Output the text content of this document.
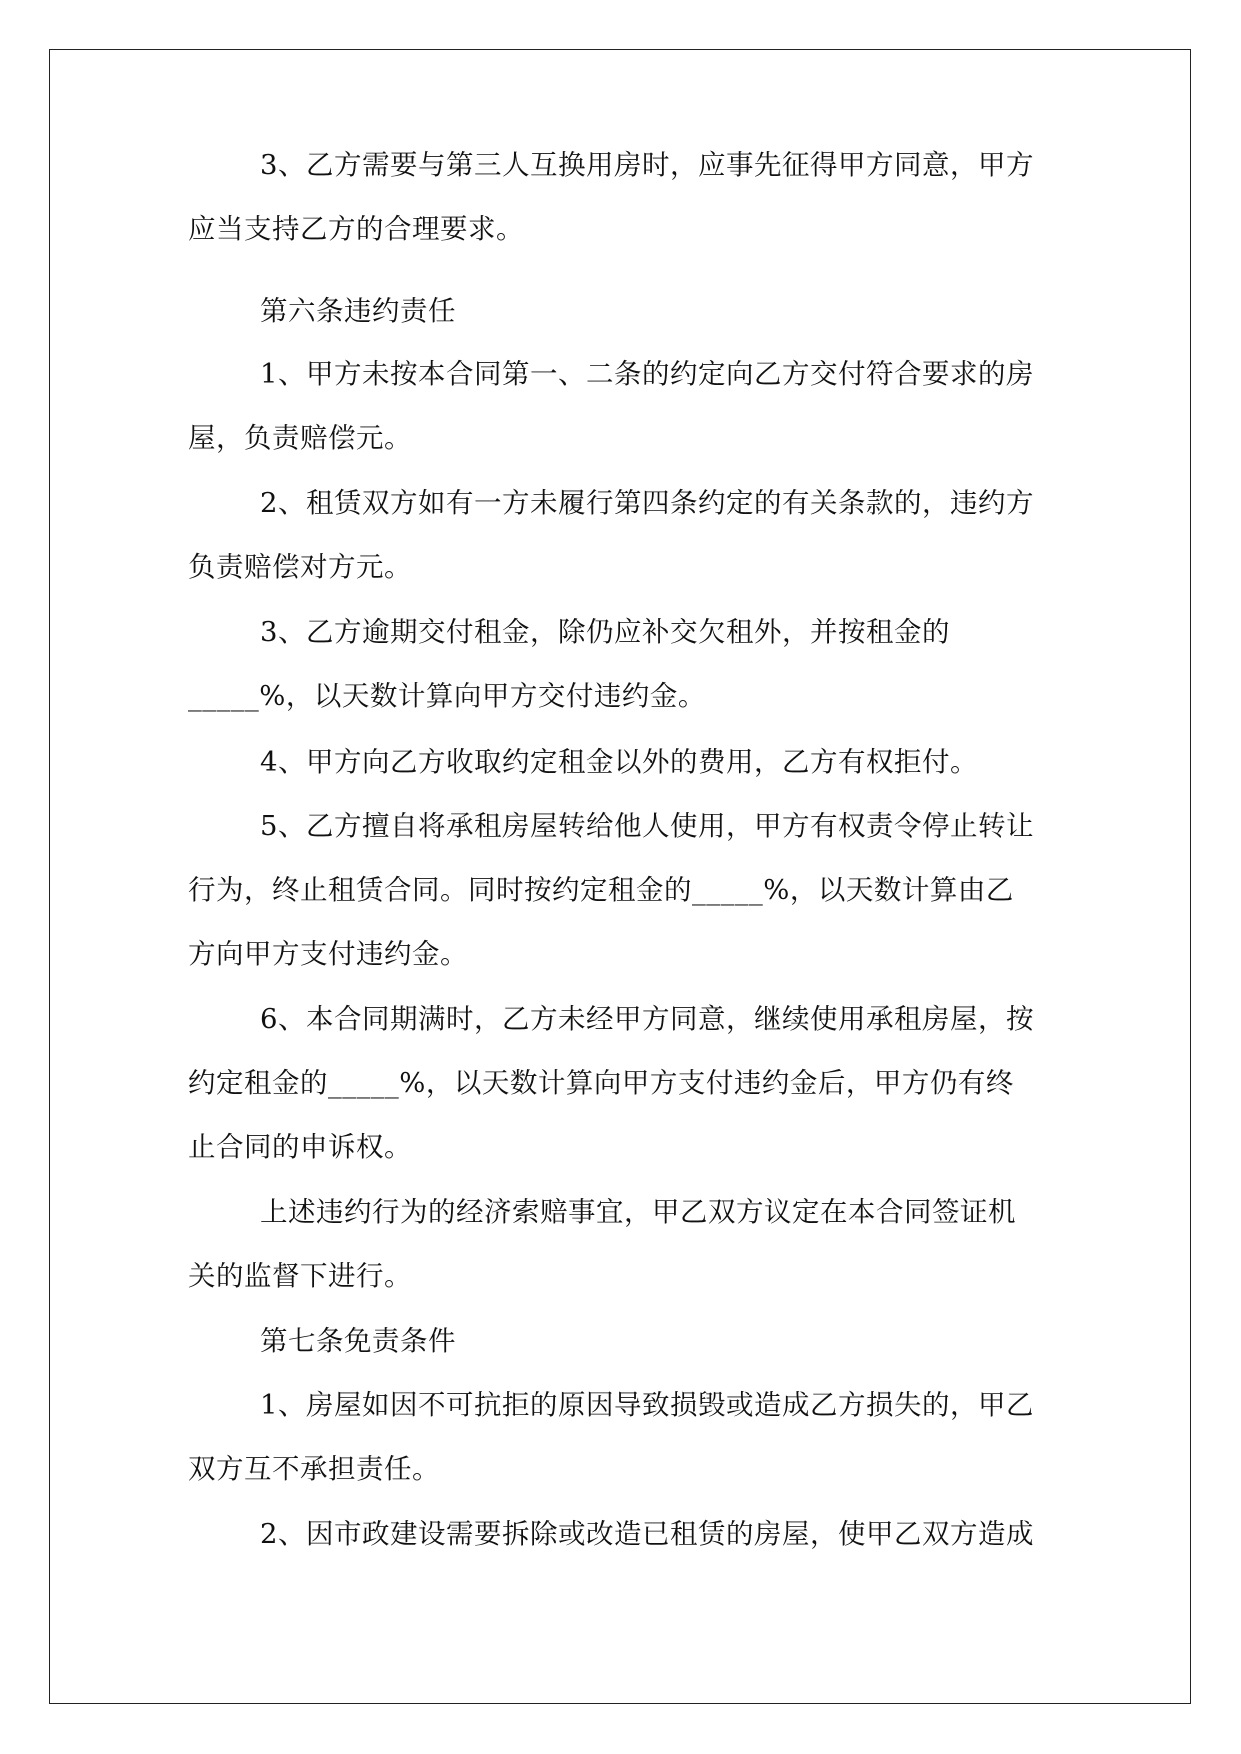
3、乙方需要与第三人互换用房时，应事先征得甲方同意，甲方
应当支持乙方的合理要求。

第六条违约责任

1、甲方未按本合同第一、二条的约定向乙方交付符合要求的房
屋，负责赔偿元。

2、租赁双方如有一方未履行第四条约定的有关条款的，违约方
负责赔偿对方元。

3、乙方逾期交付租金，除仍应补交欠租外，并按租金的
_____%，以天数计算向甲方交付违约金。

4、甲方向乙方收取约定租金以外的费用，乙方有权拒付。

5、乙方擅自将承租房屋转给他人使用，甲方有权责令停止转让
行为，终止租赁合同。同时按约定租金的_____%，以天数计算由乙
方向甲方支付违约金。

6、本合同期满时，乙方未经甲方同意，继续使用承租房屋，按
约定租金的_____%，以天数计算向甲方支付违约金后，甲方仍有终
止合同的申诉权。

上述违约行为的经济索赔事宜，甲乙双方议定在本合同签证机
关的监督下进行。

第七条免责条件

1、房屋如因不可抗拒的原因导致损毁或造成乙方损失的，甲乙
双方互不承担责任。

2、因市政建设需要拆除或改造已租赁的房屋，使甲乙双方造成
